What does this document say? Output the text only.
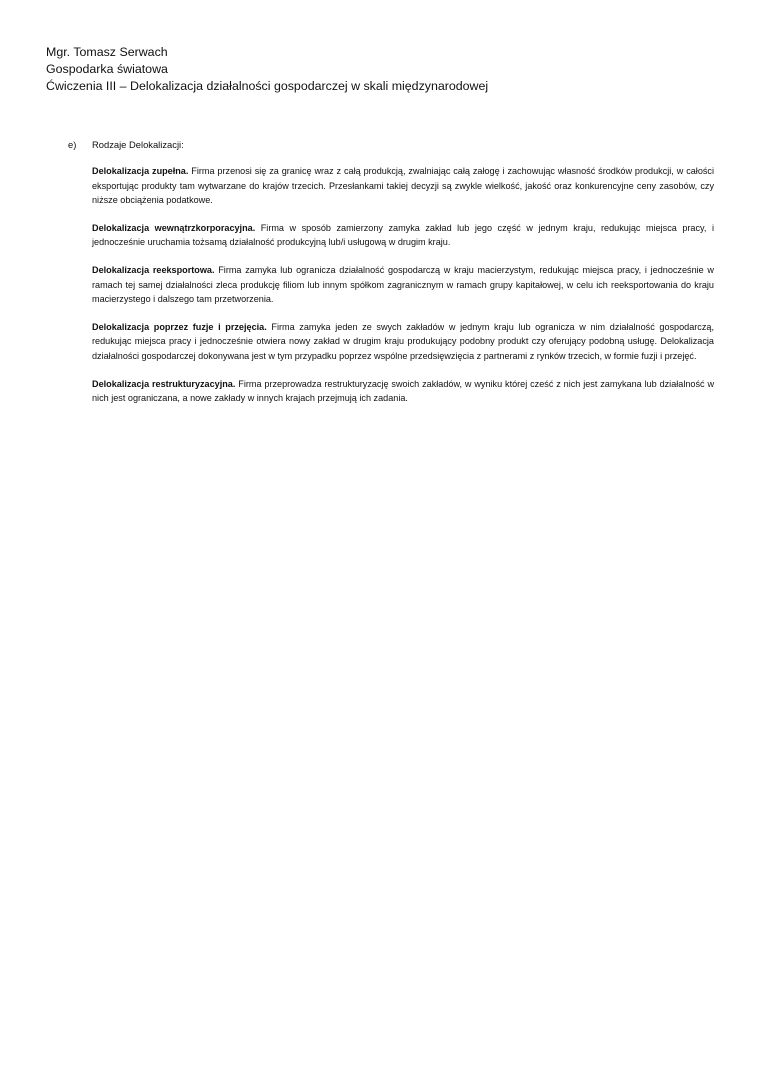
Mgr. Tomasz Serwach
Gospodarka światowa
Ćwiczenia III – Delokalizacja działalności gospodarczej w skali międzynarodowej
e)	Rodzaje Delokalizacji:

Delokalizacja zupełna. Firma przenosi się za granicę wraz z całą produkcją, zwalniając całą załogę i zachowując własność środków produkcji, w całości eksportując produkty tam wytwarzane do krajów trzecich. Przesłankami takiej decyzji są zwykle wielkość, jakość oraz konkurencyjne ceny zasobów, czy niższe obciążenia podatkowe.

Delokalizacja wewnątrzkorporacyjna. Firma w sposób zamierzony zamyka zakład lub jego część w jednym kraju, redukując miejsca pracy, i jednocześnie uruchamia tożsamą działalność produkcyjną lub/i usługową w drugim kraju.

Delokalizacja reeksportowa. Firma zamyka lub ogranicza działalność gospodarczą w kraju macierzystym, redukując miejsca pracy, i jednocześnie w ramach tej samej działalności zleca produkcję filiom lub innym spółkom zagranicznym w ramach grupy kapitałowej, w celu ich reeksportowania do kraju macierzystego i dalszego tam przetworzenia.

Delokalizacja poprzez fuzje i przejęcia. Firma zamyka jeden ze swych zakładów w jednym kraju lub ogranicza w nim działalność gospodarczą, redukując miejsca pracy i jednocześnie otwiera nowy zakład w drugim kraju produkujący podobny produkt czy oferujący podobną usługę. Delokalizacja działalności gospodarczej dokonywana jest w tym przypadku poprzez wspólne przedsięwzięcia z partnerami z rynków trzecich, w formie fuzji i przejęć.

Delokalizacja restrukturyzacyjna. Firma przeprowadza restrukturyzację swoich zakładów, w wyniku której cześć z nich jest zamykana lub działalność w nich jest ograniczana, a nowe zakłady w innych krajach przejmują ich zadania.
